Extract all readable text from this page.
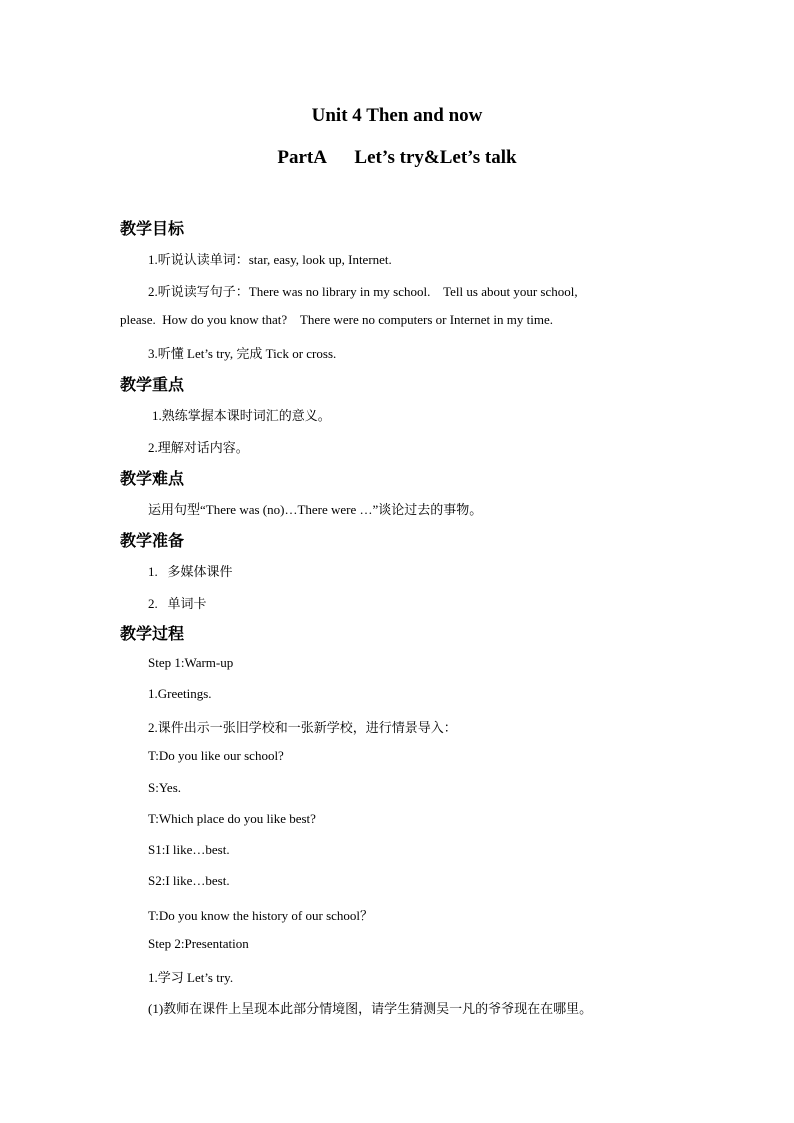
Unit 4 Then and now
PartA      Let’s try&Let’s talk
教学目标
1.听说认读单词：star, easy, look up, Internet.
2.听说读写句子：There was no library in my school.    Tell us about your school,
please.  How do you know that?    There were no computers or Internet in my time.
3.听懂 Let’s try, 完成 Tick or cross.
教学重点
1.熟练掌握本课时词汇的意义。
2.理解对话内容。
教学难点
运用句型“There was (no)…There were …”谈论过去的事物。
教学准备
1.   多媒体课件
2.   单词卡
教学过程
Step 1:Warm-up
1.Greetings.
2.课件出示一张旧学校和一张新学校，进行情景导入：
T:Do you like our school?
S:Yes.
T:Which place do you like best?
S1:I like…best.
S2:I like…best.
T:Do you know the history of our school？
Step 2:Presentation
1.学习 Let’s try.
(1)教师在课件上呈现本此部分情境图，请学生猜测吴一凡的爷爷现在在哪里。
